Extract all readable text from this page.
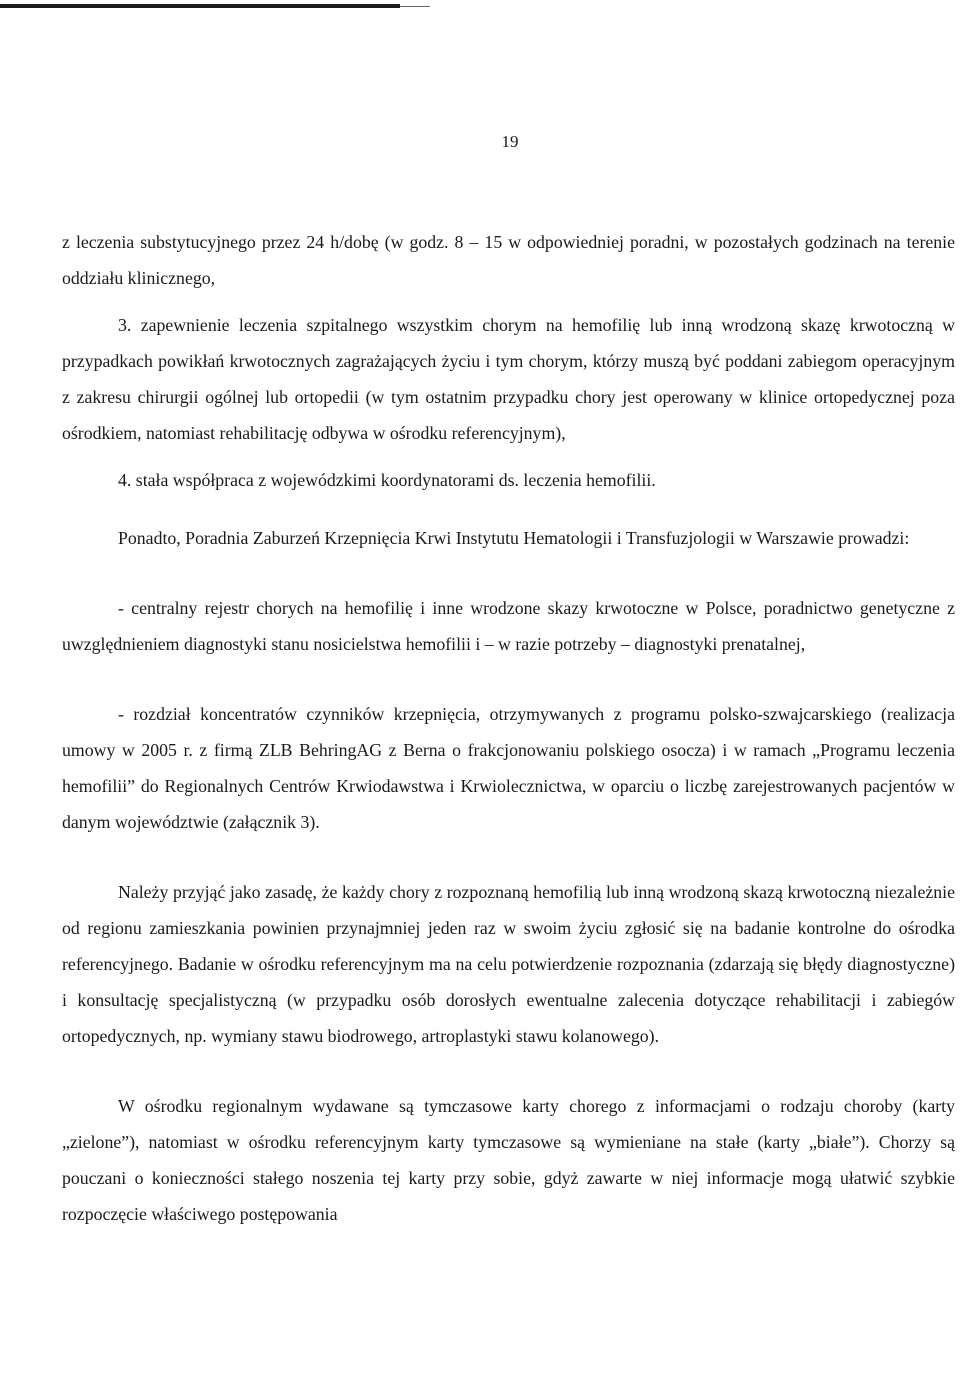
19

z leczenia substytucyjnego przez 24 h/dobę (w godz. 8 – 15 w odpowiedniej poradni, w pozostałych godzinach na terenie oddziału klinicznego,

3. zapewnienie leczenia szpitalnego wszystkim chorym na hemofilię lub inną wrodzoną skazę krwotoczną w przypadkach powikłań krwotocznych zagrażających życiu i tym chorym, którzy muszą być poddani zabiegom operacyjnym z zakresu chirurgii ogólnej lub ortopedii (w tym ostatnim przypadku chory jest operowany w klinice ortopedycznej poza ośrodkiem, natomiast rehabilitację odbywa w ośrodku referencyjnym),

4. stała współpraca z wojewódzkimi koordynatorami ds. leczenia hemofilii.

Ponadto, Poradnia Zaburzeń Krzepnięcia Krwi Instytutu Hematologii i Transfuzjologii w Warszawie prowadzi:

- centralny rejestr chorych na hemofilię i inne wrodzone skazy krwotoczne w Polsce, poradnictwo genetyczne z uwzględnieniem diagnostyki stanu nosicielstwa hemofilii i – w razie potrzeby – diagnostyki prenatalnej,

- rozdział koncentratów czynników krzepnięcia, otrzymywanych z programu polsko-szwajcarskiego (realizacja umowy w 2005 r. z firmą ZLB BehringAG z Berna o frakcjonowaniu polskiego osocza) i w ramach „Programu leczenia hemofilii” do Regionalnych Centrów Krwiodawstwa i Krwiolecznictwa, w oparciu o liczbę zarejestrowanych pacjentów w danym województwie (załącznik 3).

Należy przyjąć jako zasadę, że każdy chory z rozpoznaną hemofilią lub inną wrodzoną skazą krwotoczną niezależnie od regionu zamieszkania powinien przynajmniej jeden raz w swoim życiu zgłosić się na badanie kontrolne do ośrodka referencyjnego. Badanie w ośrodku referencyjnym ma na celu potwierdzenie rozpoznania (zdarzają się błędy diagnostyczne) i konsultację specjalistyczną (w przypadku osób dorosłych ewentualne zalecenia dotyczące rehabilitacji i zabiegów ortopedycznych, np. wymiany stawu biodrowego, artroplastyki stawu kolanowego).

W ośrodku regionalnym wydawane są tymczasowe karty chorego z informacjami o rodzaju choroby (karty „zielone”), natomiast w ośrodku referencyjnym karty tymczasowe są wymieniane na stałe (karty „białe”). Chorzy są pouczani o konieczności stałego noszenia tej karty przy sobie, gdyż zawarte w niej informacje mogą ułatwić szybkie rozpoczęcie właściwego postępowania
